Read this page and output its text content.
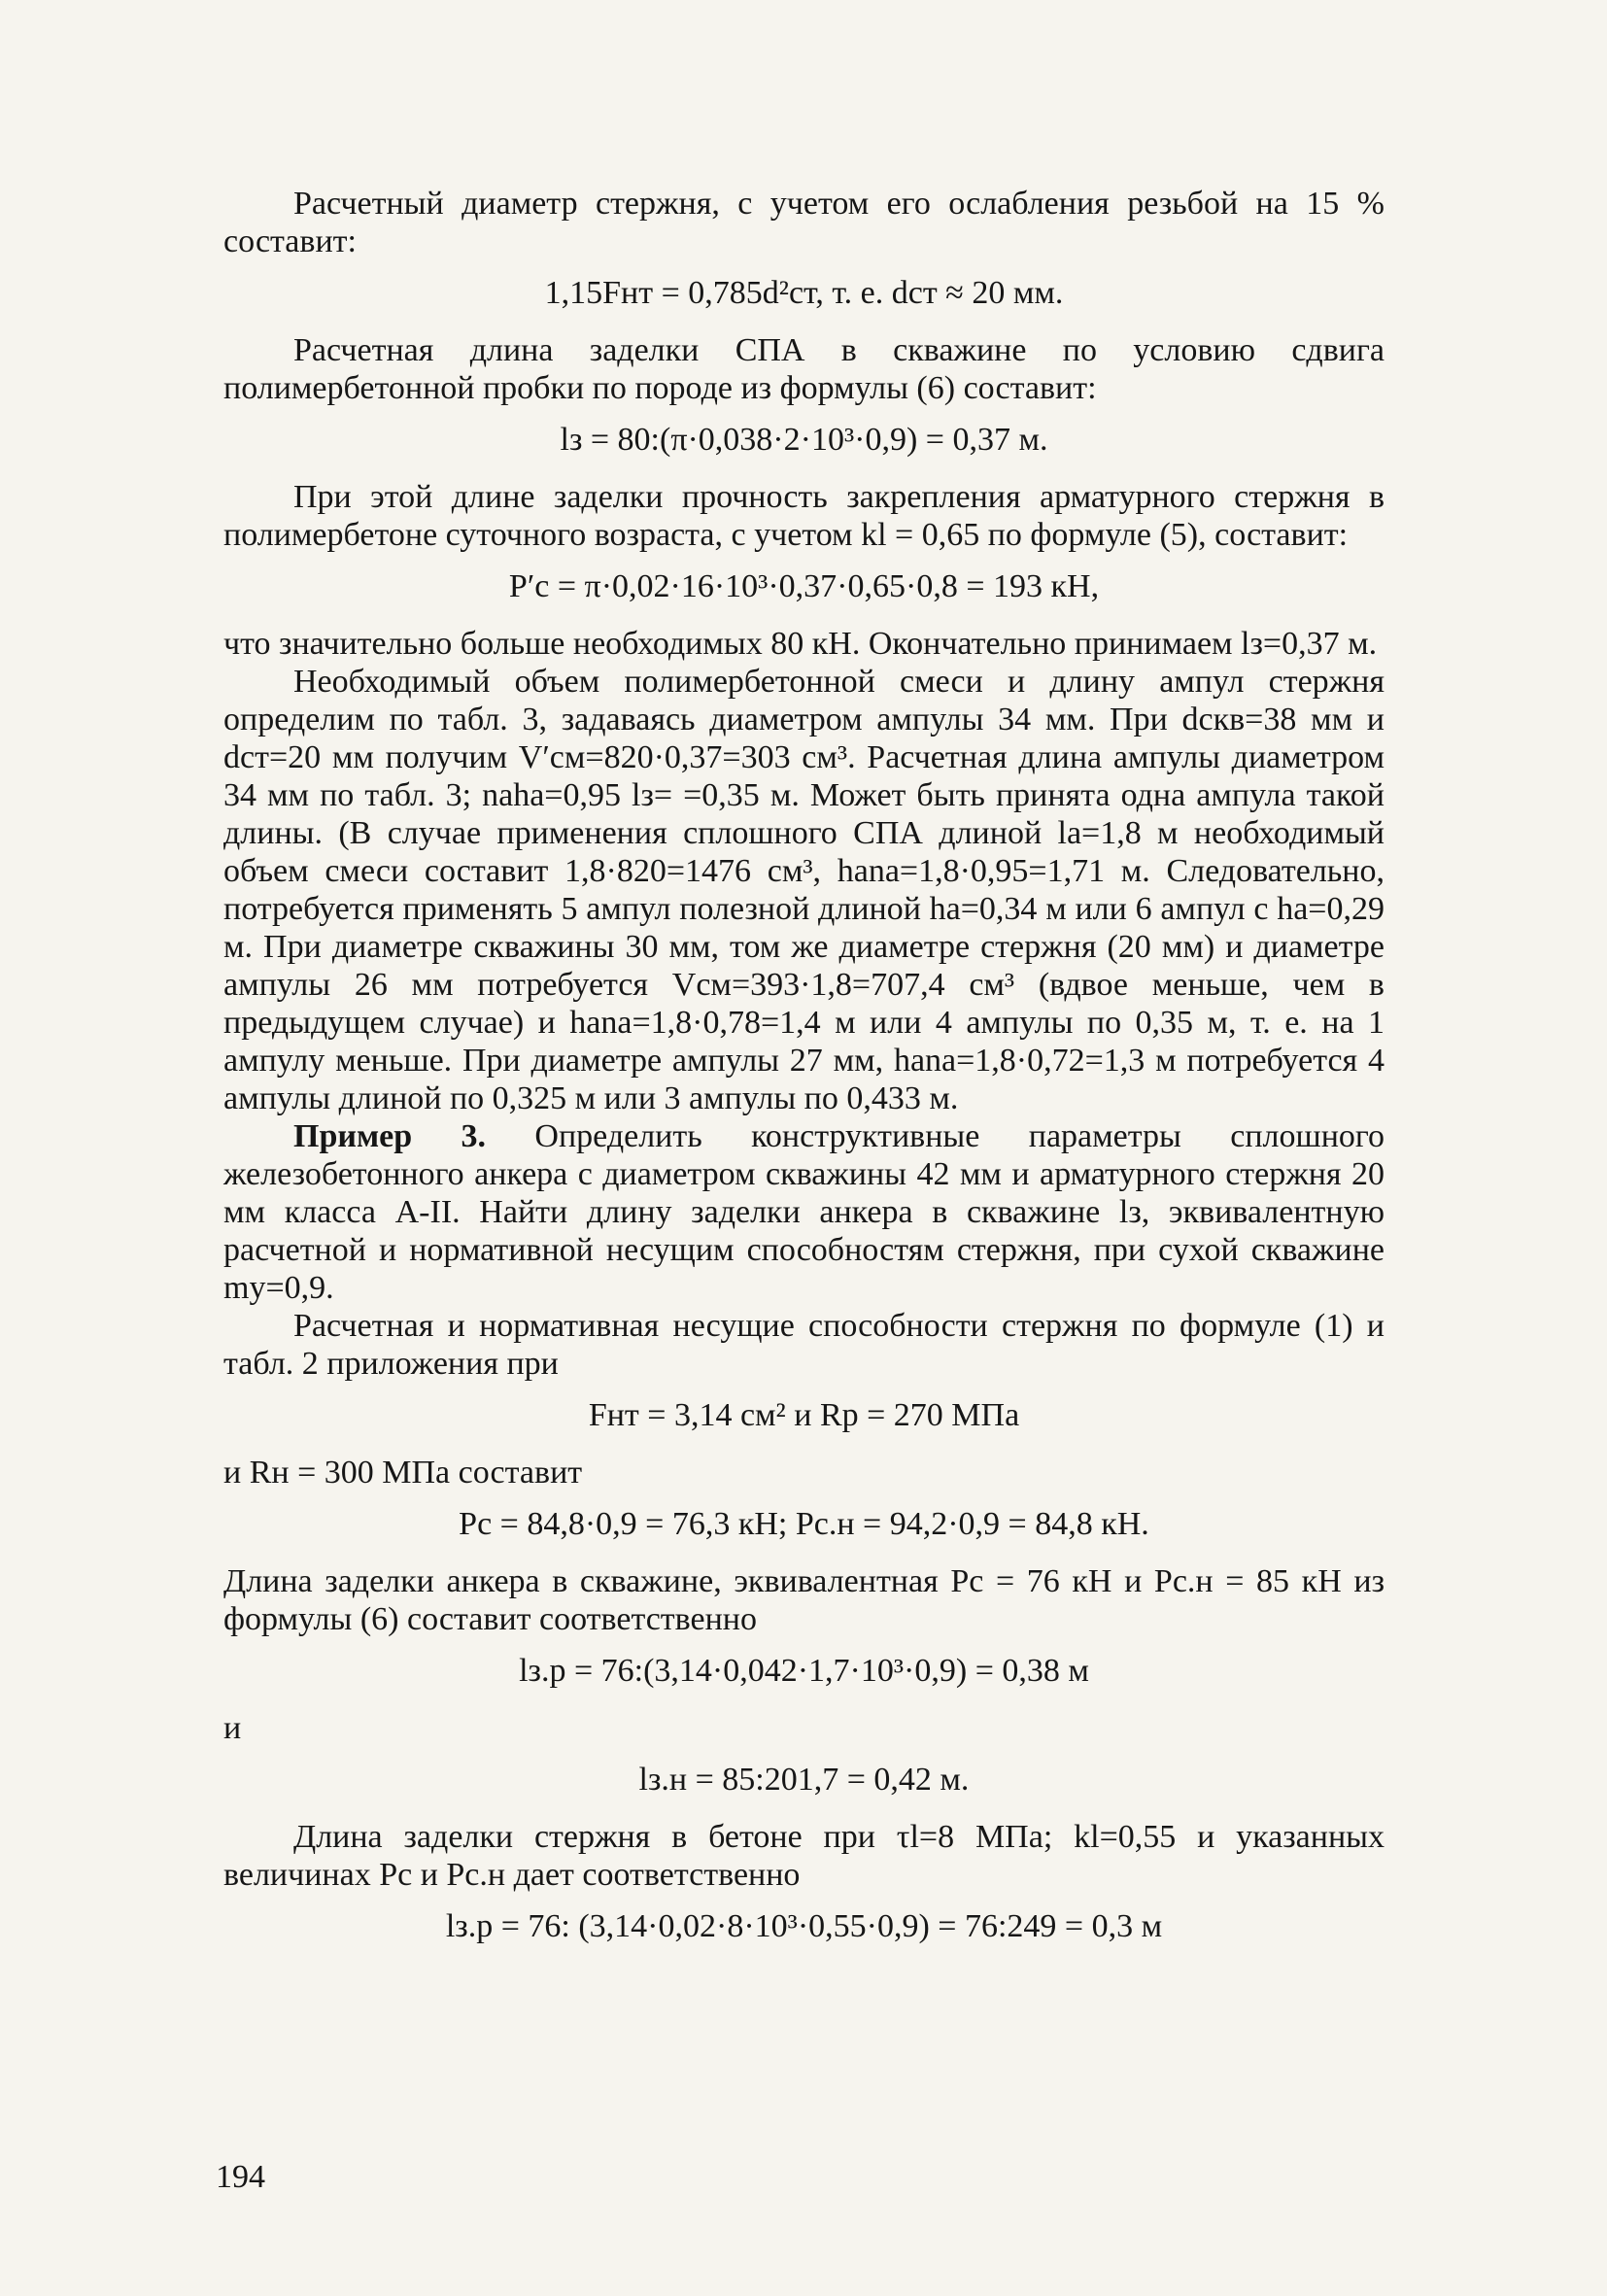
Расчетный диаметр стержня, с учетом его ослабления резьбой на 15 % составит:

1,15Fнт = 0,785d²ст, т. е. dст ≈ 20 мм.

Расчетная длина заделки СПА в скважине по условию сдвига полимербетонной пробки по породе из формулы (6) составит:

lз = 80:(π·0,038·2·10³·0,9) = 0,37 м.

При этой длине заделки прочность закрепления арматурного стержня в полимербетоне суточного возраста, с учетом kl = 0,65 по формуле (5), составит:

P′с = π·0,02·16·10³·0,37·0,65·0,8 = 193 кН,

что значительно больше необходимых 80 кН. Окончательно принимаем lз=0,37 м.

Необходимый объем полимербетонной смеси и длину ампул стержня определим по табл. 3, задаваясь диаметром ампулы 34 мм. При dскв=38 мм и dст=20 мм получим V′см=820·0,37=303 см³. Расчетная длина ампулы диаметром 34 мм по табл. 3; nаhа=0,95 lз= =0,35 м. Может быть принята одна ампула такой длины. (В случае применения сплошного СПА длиной lа=1,8 м необходимый объем смеси составит 1,8·820=1476 см³, hаnа=1,8·0,95=1,71 м. Следовательно, потребуется применять 5 ампул полезной длиной hа=0,34 м или 6 ампул с hа=0,29 м. При диаметре скважины 30 мм, том же диаметре стержня (20 мм) и диаметре ампулы 26 мм потребуется Vсм=393·1,8=707,4 см³ (вдвое меньше, чем в предыдущем случае) и hаnа=1,8·0,78=1,4 м или 4 ампулы по 0,35 м, т. е. на 1 ампулу меньше. При диаметре ампулы 27 мм, hаnа=1,8·0,72=1,3 м потребуется 4 ампулы длиной по 0,325 м или 3 ампулы по 0,433 м.

Пример 3. Определить конструктивные параметры сплошного железобетонного анкера с диаметром скважины 42 мм и арматурного стержня 20 мм класса А-II. Найти длину заделки анкера в скважине lз, эквивалентную расчетной и нормативной несущим способностям стержня, при сухой скважине mу=0,9.

Расчетная и нормативная несущие способности стержня по формуле (1) и табл. 2 приложения при

Fнт = 3,14 см² и Rр = 270 МПа

и Rн = 300 МПа составит

Pс = 84,8·0,9 = 76,3 кН; Pс.н = 94,2·0,9 = 84,8 кН.

Длина заделки анкера в скважине, эквивалентная Pс = 76 кН и Pс.н = 85 кН из формулы (6) составит соответственно

lз.р = 76:(3,14·0,042·1,7·10³·0,9) = 0,38 м

и

lз.н = 85:201,7 = 0,42 м.

Длина заделки стержня в бетоне при τl=8 МПа; kl=0,55 и указанных величинах Pс и Pс.н дает соответственно

lз.р = 76: (3,14·0,02·8·10³·0,55·0,9) = 76:249 = 0,3 м

194
